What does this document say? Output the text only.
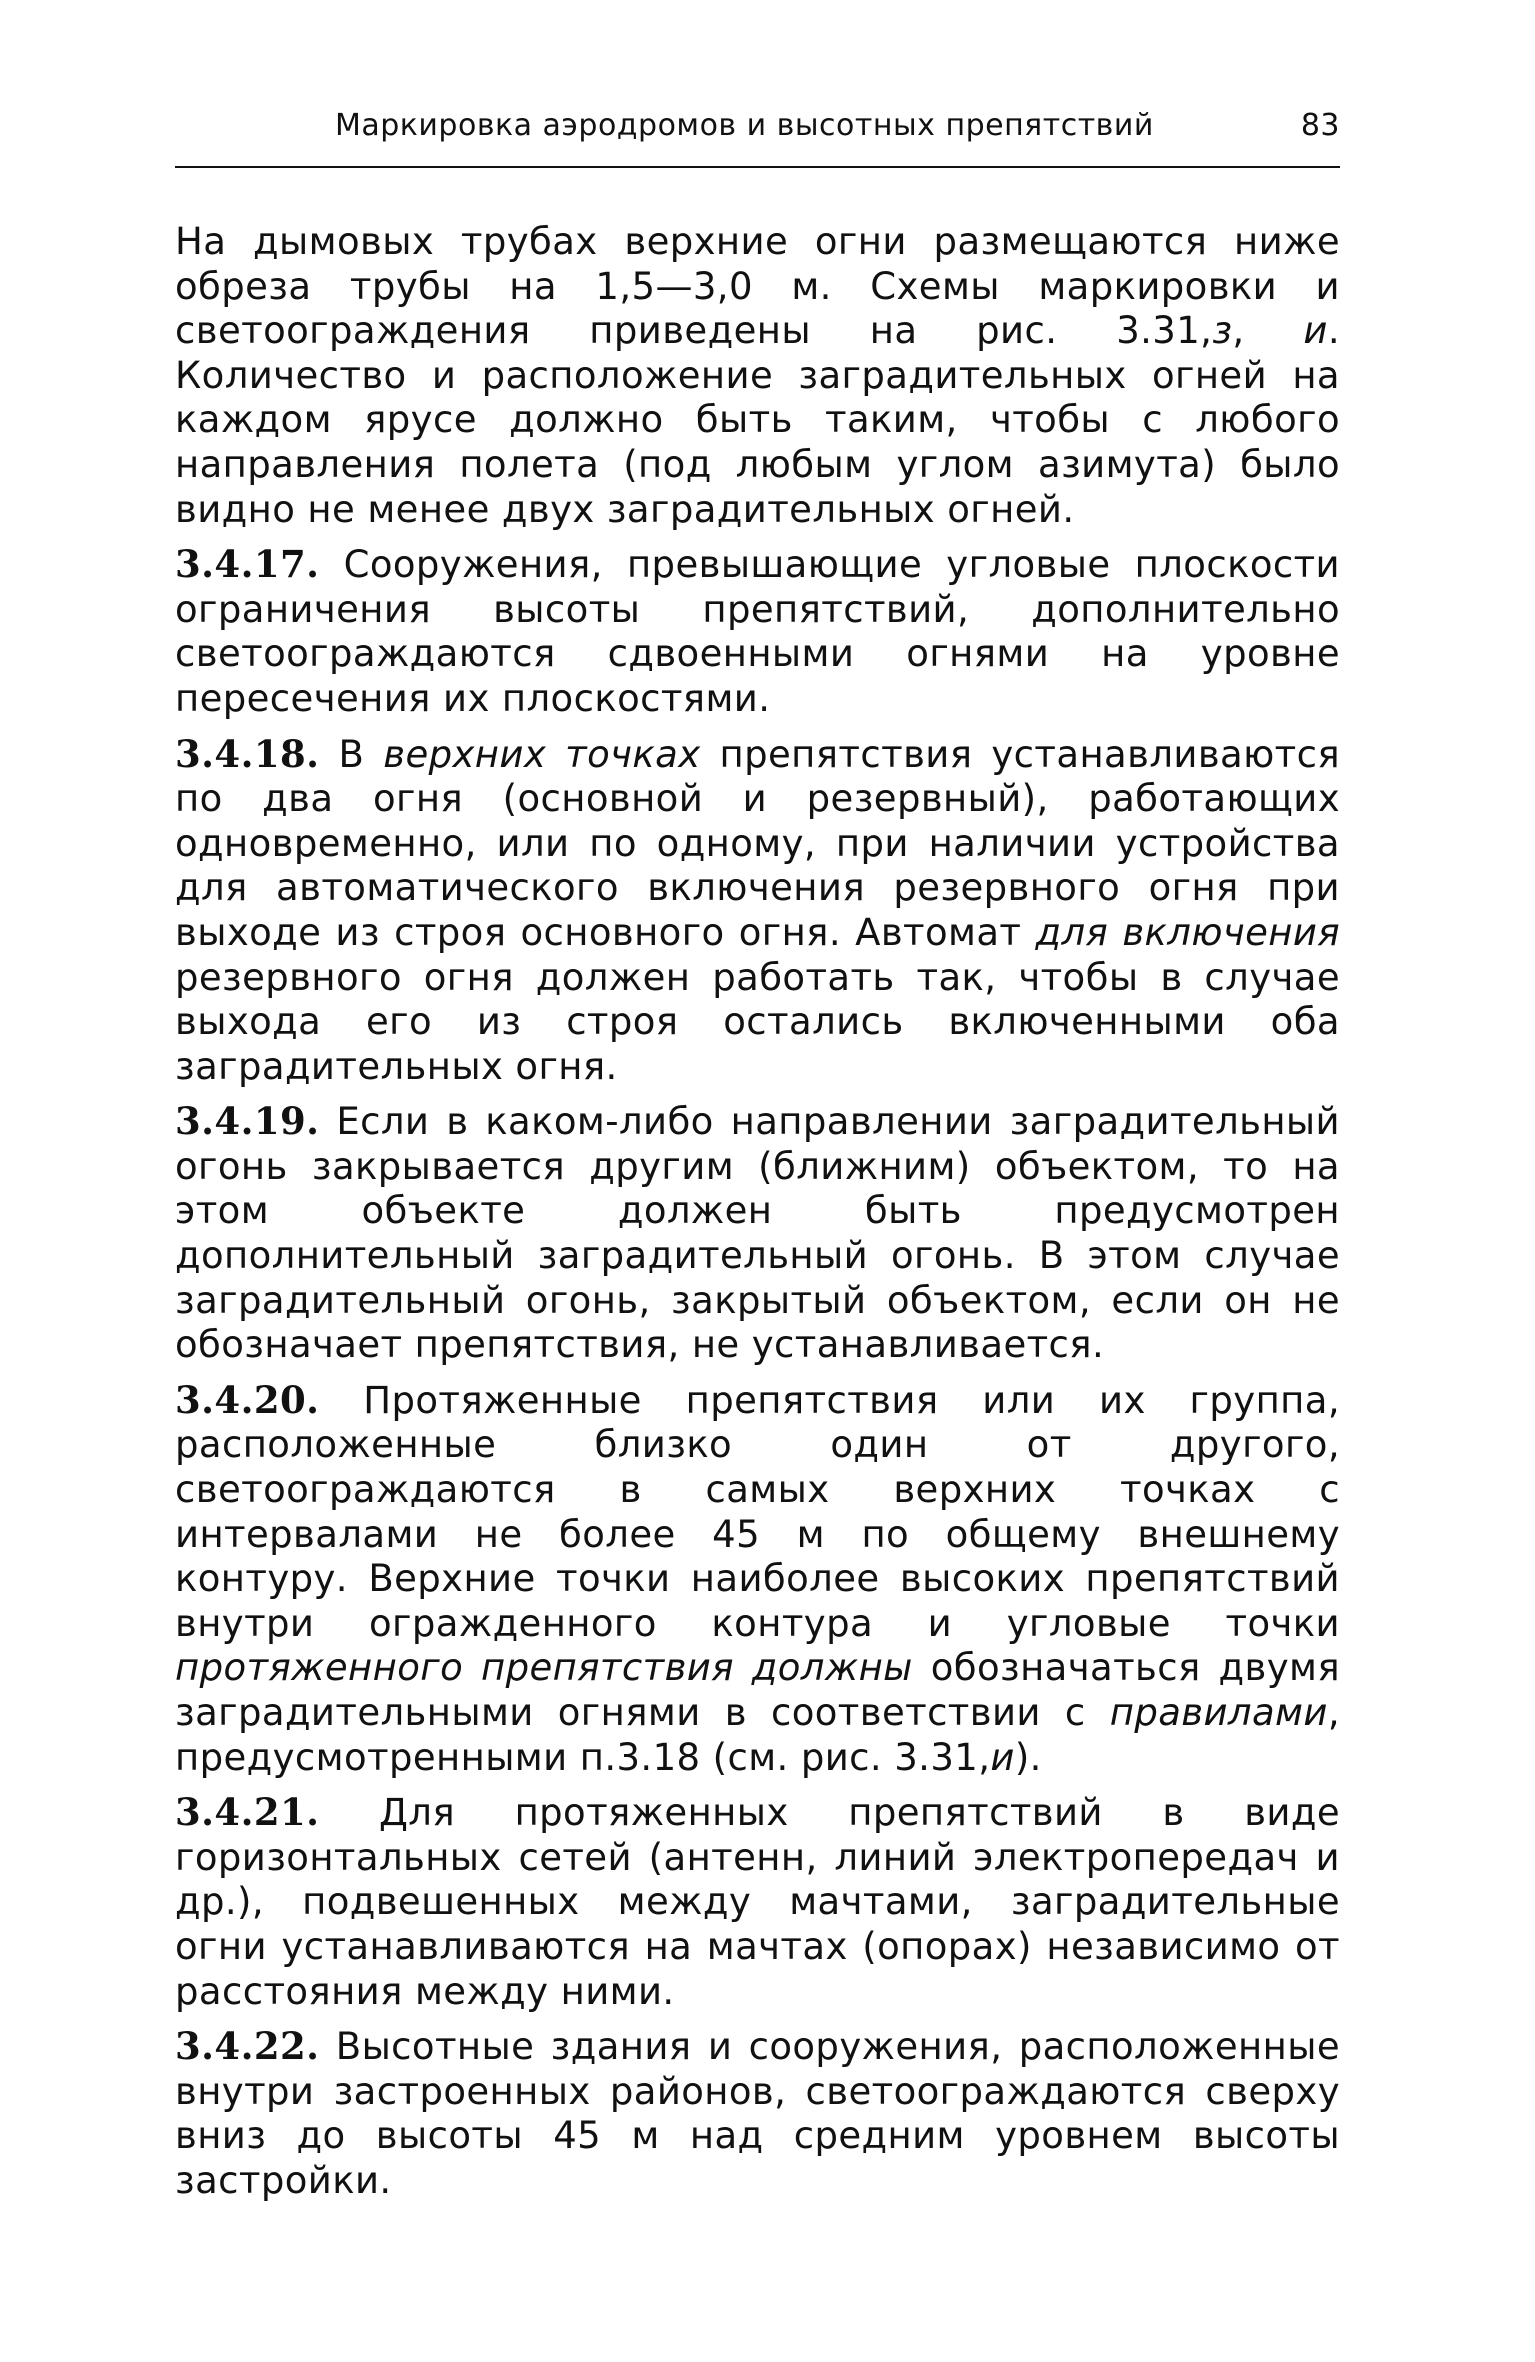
Маркировка аэродромов и высотных препятствий	83

На дымовых трубах верхние огни размещаются ниже обреза трубы на 1,5—3,0 м. Схемы маркировки и светоограждения приведены на рис. 3.31,з, и. Количество и расположение заградительных огней на каждом ярусе должно быть таким, чтобы с любого направления полета (под любым углом азимута) было видно не менее двух заградительных огней.

3.4.17. Сооружения, превышающие угловые плоскости ограничения высоты препятствий, дополнительно светоограждаются сдвоенными огнями на уровне пересечения их плоскостями.

3.4.18. В верхних точках препятствия устанавливаются по два огня (основной и резервный), работающих одновременно, или по одному, при наличии устройства для автоматического включения резервного огня при выходе из строя основного огня. Автомат для включения резервного огня должен работать так, чтобы в случае выхода его из строя остались включенными оба заградительных огня.

3.4.19. Если в каком-либо направлении заградительный огонь закрывается другим (ближним) объектом, то на этом объекте должен быть предусмотрен дополнительный заградительный огонь. В этом случае заградительный огонь, закрытый объектом, если он не обозначает препятствия, не устанавливается.

3.4.20. Протяженные препятствия или их группа, расположенные близко один от другого, светоограждаются в самых верхних точках с интервалами не более 45 м по общему внешнему контуру. Верхние точки наиболее высоких препятствий внутри огражденного контура и угловые точки протяженного препятствия должны обозначаться двумя заградительными огнями в соответствии с правилами, предусмотренными п.3.18 (см. рис. 3.31,и).

3.4.21. Для протяженных препятствий в виде горизонтальных сетей (антенн, линий электропередач и др.), подвешенных между мачтами, заградительные огни устанавливаются на мачтах (опорах) независимо от расстояния между ними.

3.4.22. Высотные здания и сооружения, расположенные внутри застроенных районов, светоограждаются сверху вниз до высоты 45 м над средним уровнем высоты застройки.
